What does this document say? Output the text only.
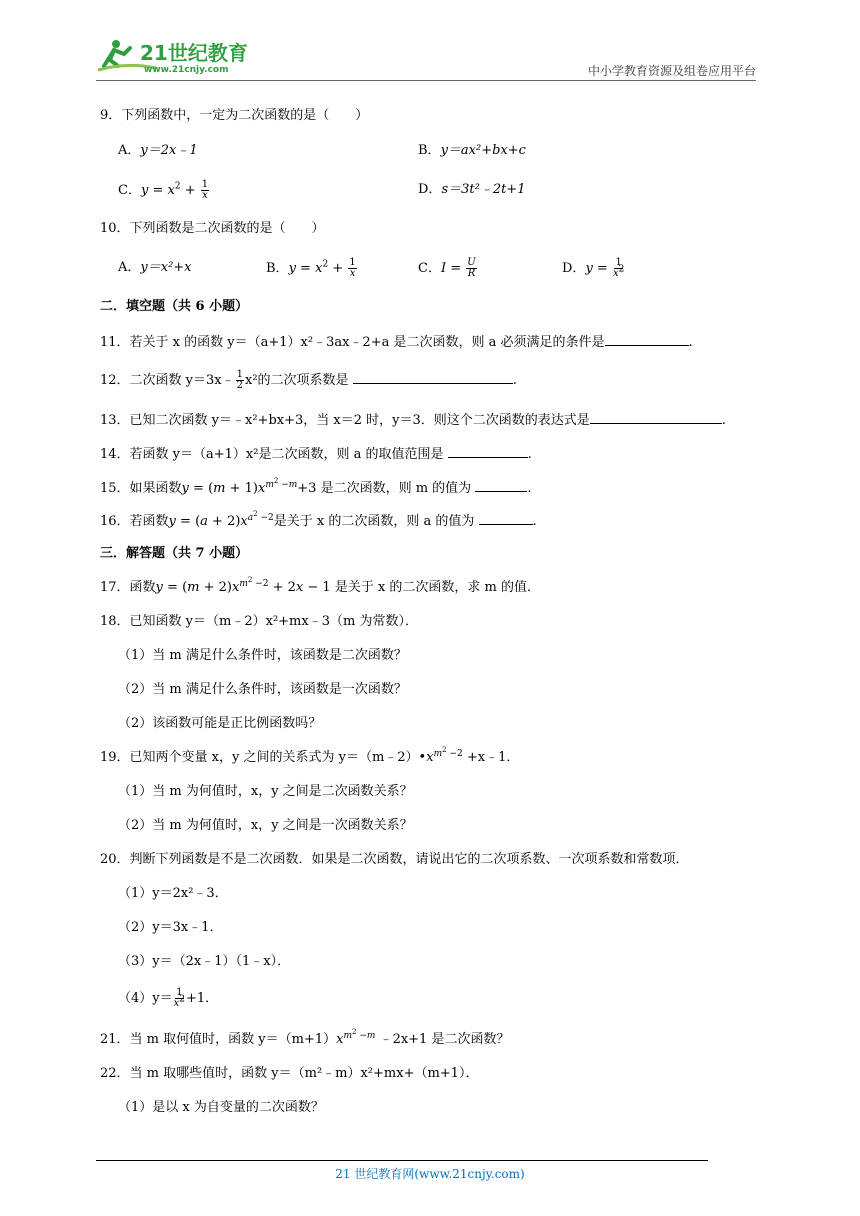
21世纪教育
www.21cnjy.com	中小学教育资源及组卷应用平台
9．下列函数中，一定为二次函数的是（　　）
A．y＝2x﹣1	B．y＝ax²+bx+c
C．$y = x^2 + \frac{1}{x}$	D．s＝3t²﹣2t+1
10．下列函数是二次函数的是（　　）
A．y＝x²+x	B．$y = x^2 + \frac{1}{x}$	C．$I = \frac{U}{R}$	D．$y = \frac{1}{x^2}$
二．填空题（共 6 小题）
11．若关于 x 的函数 y＝（a+1）x²﹣3ax﹣2+a 是二次函数，则 a 必须满足的条件是	.
12．二次函数 y＝3x﹣ $\frac{1}{2} x^2$的二次项系数是	.
13．已知二次函数 y＝﹣x²+bx+3，当 x＝2 时，y＝3．则这个二次函数的表达式是	.
14．若函数 y＝（a+1）x²是二次函数，则 a 的取值范围是	.
15．如果函数$y = (m + 1)x^{m^2 -m}+3$ 是二次函数，则 m 的值为	.
16．若函数$y = (a + 2)x^{a^2 -2}$是关于 x 的二次函数，则 a 的值为	.
三．解答题（共 7 小题）
17．函数$y = (m + 2)x^{m^2 -2} + 2x - 1$ 是关于 x 的二次函数，求 m 的值．
18．已知函数 y＝（m﹣2）x²+mx﹣3（m 为常数）．
（1）当 m 满足什么条件时，该函数是二次函数？
（2）当 m 满足什么条件时，该函数是一次函数？
（2）该函数可能是正比例函数吗？
19．已知两个变量 x，y 之间的关系式为 $y=(m﹣2)•x^{m^2 -2}$ +x﹣1．
（1）当 m 为何值时，x，y 之间是二次函数关系？
（2）当 m 为何值时，x，y 之间是一次函数关系？
20．判断下列函数是不是二次函数．如果是二次函数，请说出它的二次项系数、一次项系数和常数项．
（1）y＝2x²﹣3．
（2）y＝3x﹣1．
（3）y＝（2x﹣1）（1﹣x）．
$(4)y= \frac{1}{x^2} +1$．
21．当 m 取何值时，函数 $y=(m+1)x^{m^2 -m}$ ﹣2x+1 是二次函数？
22．当 m 取哪些值时，函数 y＝（m²﹣m）x²+mx+（m+1）．
（1）是以 x 为自变量的二次函数？
21 世纪教育网(www.21cnjy.com)
